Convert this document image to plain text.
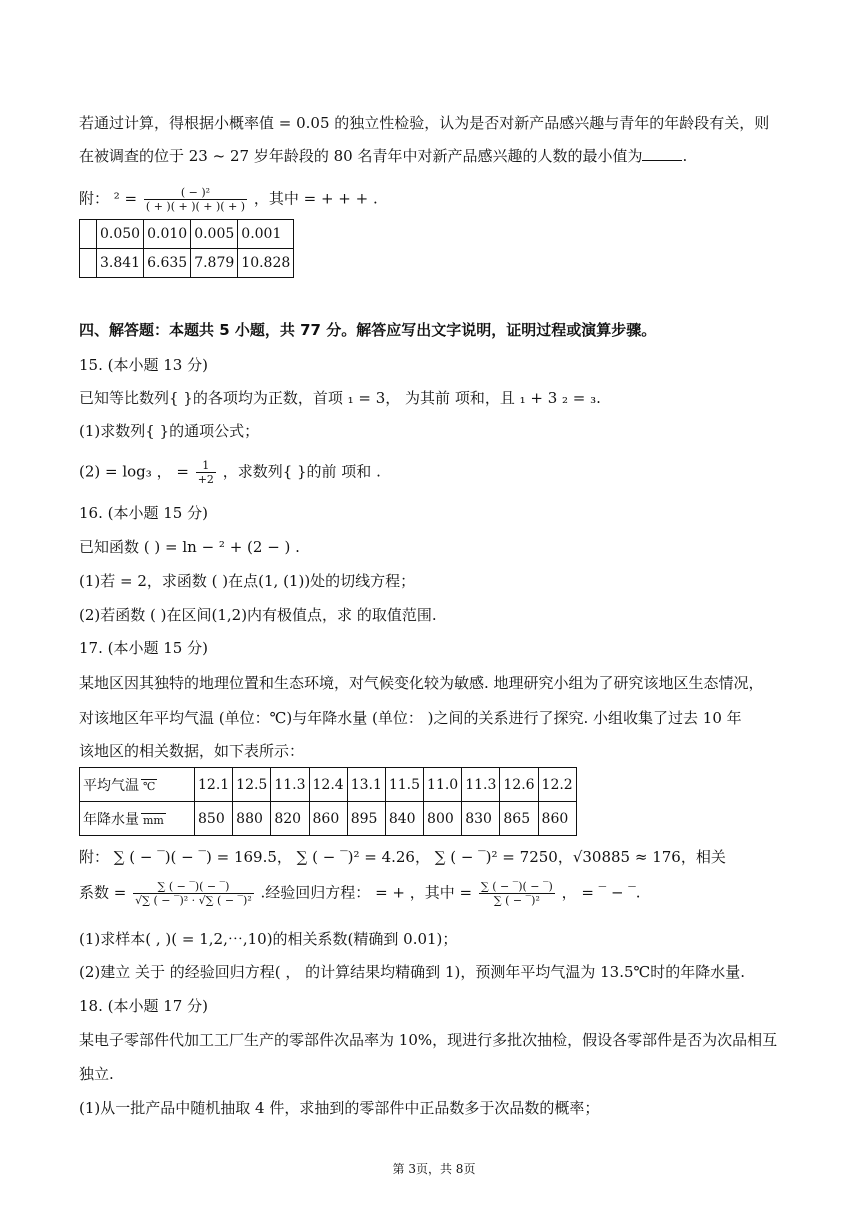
若通过计算，得根据小概率值 = 0.05 的独立性检验，认为是否对新产品感兴趣与青年的年龄段有关，则
在被调查的位于 23 ~ 27 岁年龄段的 80 名青年中对新产品感兴趣的人数的最小值为	.
附： $^2 = \frac{\text{( − )²}}{( + )( + )( + )( + )}$ ，其中 = + + + .
	0.050	0.010	0.005	0.001
	3.841	6.635	7.879	10.828
四、解答题：本题共 5 小题，共 77 分。解答应写出文字说明，证明过程或演算步骤。
15. (本小题 13 分)
已知等比数列{ }的各项均为正数，首项 ₁ = 3， 为其前 项和，且 ₁ + 3 ₂ = ₃.
(1)求数列{ }的通项公式；
(2) = log₃ ， = $\frac{1}{+2}$ ，求数列{ }的前 项和 .
16. (本小题 15 分)
已知函数 ( ) = ln − ² + (2 − ) .
(1)若 = 2，求函数 ( )在点(1, (1))处的切线方程；
(2)若函数 ( )在区间(1,2)内有极值点，求 的取值范围.
17. (本小题 15 分)
某地区因其独特的地理位置和生态环境，对气候变化较为敏感. 地理研究小组为了研究该地区生态情况，
对该地区年平均气温 (单位：℃)与年降水量 (单位： )之间的关系进行了探究. 小组收集了过去 10 年
该地区的相关数据，如下表所示：
平均气温 ℃	12.1	12.5	11.3	12.4	13.1	11.5	11.0	11.3	12.6	12.2
年降水量 mm	850	880	820	860	895	840	800	830	865	860
附： ∑ ( − ‾)( − ‾) = 169.5， ∑ ( − ‾)² = 4.26， ∑ ( − ‾)² = 7250，√30885 ≈ 176，相关
系数 = $\frac{\sum ( - ‾)( - ‾)}{\text{√∑ ( − ‾)² · √∑ ( − ‾)²}}$ .经验回归方程： = + ，其中 = $\frac{\sum ( - ‾)( - ‾)}{\text{∑ ( − ‾)²}}$ ， = ‾ − ‾.
(1)求样本( , )( = 1,2,⋯,10)的相关系数(精确到 0.01)；
(2)建立 关于 的经验回归方程( ， 的计算结果均精确到 1)，预测年平均气温为 13.5℃时的年降水量.
18. (本小题 17 分)
某电子零部件代加工工厂生产的零部件次品率为 10%，现进行多批次抽检，假设各零部件是否为次品相互
独立.
(1)从一批产品中随机抽取 4 件，求抽到的零部件中正品数多于次品数的概率；
第 3页，共 8页
